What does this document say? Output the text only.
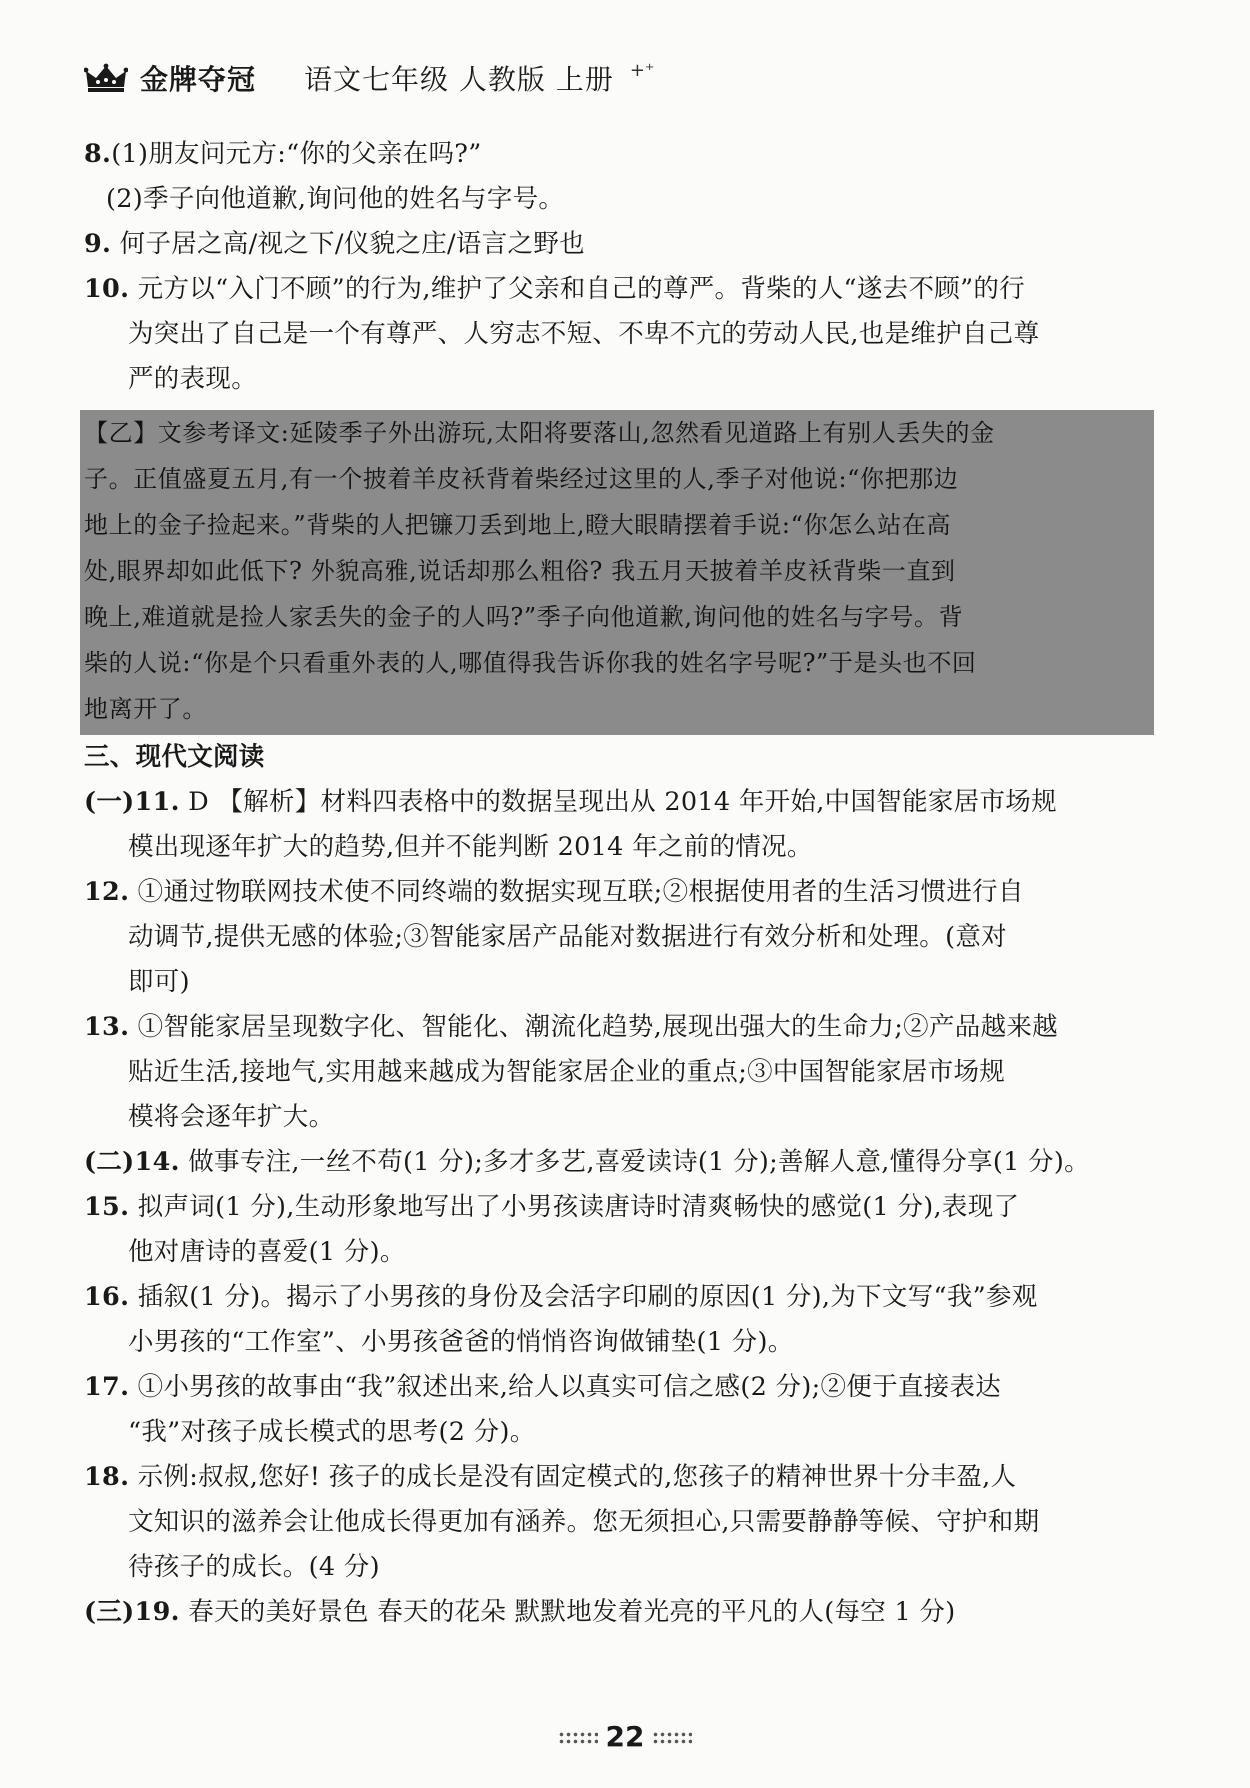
金牌夺冠 语文七年级 人教版 上册 +⁺
8.(1)朋友问元方:“你的父亲在吗?”
(2)季子向他道歉,询问他的姓名与字号。
9. 何子居之高/视之下/仪貌之庄/语言之野也
10. 元方以“入门不顾”的行为,维护了父亲和自己的尊严。背柴的人“遂去不顾”的行
为突出了自己是一个有尊严、人穷志不短、不卑不亢的劳动人民,也是维护自己尊
严的表现。
【乙】文参考译文:延陵季子外出游玩,太阳将要落山,忽然看见道路上有别人丢失的金
子。正值盛夏五月,有一个披着羊皮袄背着柴经过这里的人,季子对他说:“你把那边
地上的金子捡起来。”背柴的人把镰刀丢到地上,瞪大眼睛摆着手说:“你怎么站在高
处,眼界却如此低下? 外貌高雅,说话却那么粗俗? 我五月天披着羊皮袄背柴一直到
晚上,难道就是捡人家丢失的金子的人吗?”季子向他道歉,询问他的姓名与字号。背
柴的人说:“你是个只看重外表的人,哪值得我告诉你我的姓名字号呢?”于是头也不回
地离开了。
三、现代文阅读
(一)11. D 【解析】材料四表格中的数据呈现出从 2014 年开始,中国智能家居市场规
模出现逐年扩大的趋势,但并不能判断 2014 年之前的情况。
12. ①通过物联网技术使不同终端的数据实现互联;②根据使用者的生活习惯进行自
动调节,提供无感的体验;③智能家居产品能对数据进行有效分析和处理。(意对
即可)
13. ①智能家居呈现数字化、智能化、潮流化趋势,展现出强大的生命力;②产品越来越
贴近生活,接地气,实用越来越成为智能家居企业的重点;③中国智能家居市场规
模将会逐年扩大。
(二)14. 做事专注,一丝不苟(1 分);多才多艺,喜爱读诗(1 分);善解人意,懂得分享(1 分)。
15. 拟声词(1 分),生动形象地写出了小男孩读唐诗时清爽畅快的感觉(1 分),表现了
他对唐诗的喜爱(1 分)。
16. 插叙(1 分)。揭示了小男孩的身份及会活字印刷的原因(1 分),为下文写“我”参观
小男孩的“工作室”、小男孩爸爸的悄悄咨询做铺垫(1 分)。
17. ①小男孩的故事由“我”叙述出来,给人以真实可信之感(2 分);②便于直接表达
“我”对孩子成长模式的思考(2 分)。
18. 示例:叔叔,您好! 孩子的成长是没有固定模式的,您孩子的精神世界十分丰盈,人
文知识的滋养会让他成长得更加有涵养。您无须担心,只需要静静等候、守护和期
待孩子的成长。(4 分)
(三)19. 春天的美好景色 春天的花朵 默默地发着光亮的平凡的人(每空 1 分)
22
